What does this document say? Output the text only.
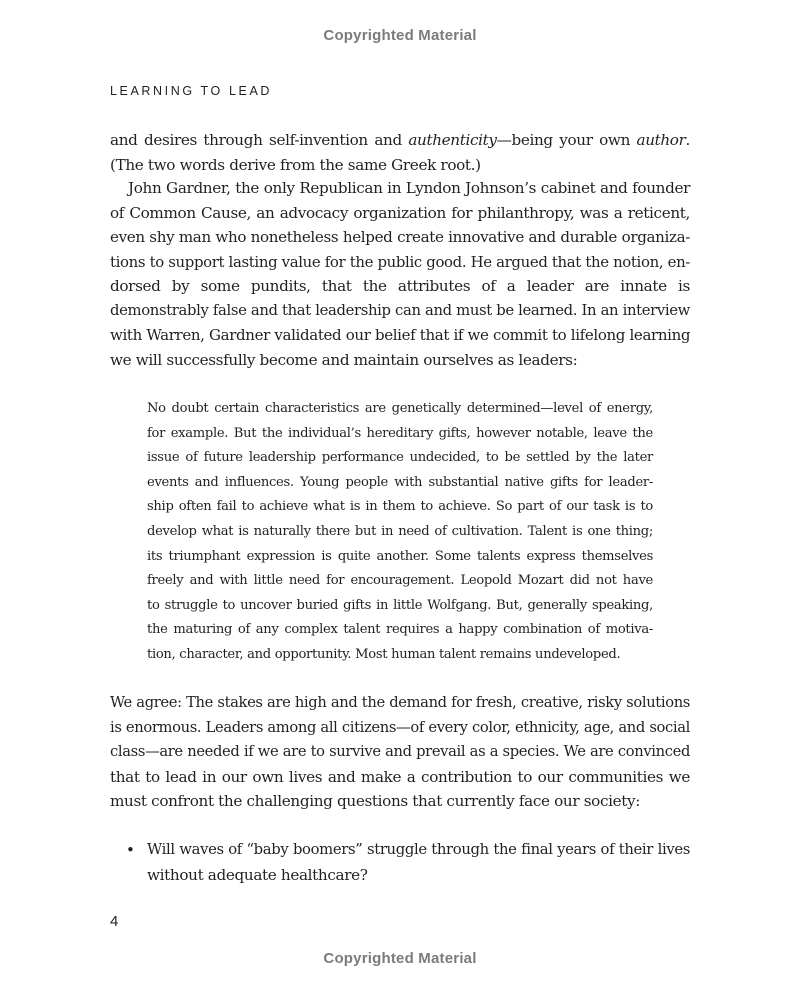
Copyrighted Material
LEARNING TO LEAD
and desires through self-invention and authenticity—being your own author.
(The two words derive from the same Greek root.)
John Gardner, the only Republican in Lyndon Johnson’s cabinet and founder
of Common Cause, an advocacy organization for philanthropy, was a reticent,
even shy man who nonetheless helped create innovative and durable organiza-
tions to support lasting value for the public good. He argued that the notion, en-
dorsed by some pundits, that the attributes of a leader are innate is
demonstrably false and that leadership can and must be learned. In an interview
with Warren, Gardner validated our belief that if we commit to lifelong learning
we will successfully become and maintain ourselves as leaders:
No doubt certain characteristics are genetically determined—level of energy,
for example. But the individual’s hereditary gifts, however notable, leave the
issue of future leadership performance undecided, to be settled by the later
events and influences. Young people with substantial native gifts for leader-
ship often fail to achieve what is in them to achieve. So part of our task is to
develop what is naturally there but in need of cultivation. Talent is one thing;
its triumphant expression is quite another. Some talents express themselves
freely and with little need for encouragement. Leopold Mozart did not have
to struggle to uncover buried gifts in little Wolfgang. But, generally speaking,
the maturing of any complex talent requires a happy combination of motiva-
tion, character, and opportunity. Most human talent remains undeveloped.
We agree: The stakes are high and the demand for fresh, creative, risky solutions
is enormous. Leaders among all citizens—of every color, ethnicity, age, and social
class—are needed if we are to survive and prevail as a species. We are convinced
that to lead in our own lives and make a contribution to our communities we
must confront the challenging questions that currently face our society:
• Will waves of “baby boomers” struggle through the final years of their lives
without adequate healthcare?
4
Copyrighted Material
